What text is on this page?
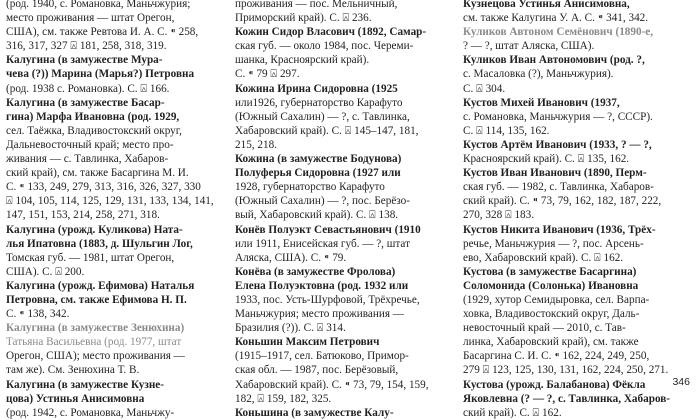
(род. 1940, с. Романовка, Маньчжурия;
место проживания — штат Орегон,
США), см. также Ревтова И. А. С. ⁌ 258,
316, 317, 327 ⍓ 181, 258, 318, 319.
Калугина (в замужестве Мура-
чева (?)) Марина (Марья?) Петровна
(род. 1938 с. Романовка). С. ⍓ 166.
Калугина (в замужестве Басар-
гина) Марфа Ивановна (род. 1929,
сел. Таёжка, Владивостокский округ,
Дальневосточный край; место про-
живания — с. Тавлинка, Хабаров-
ский край), см. также Басаргина М. И.
С. ⁌ 133, 249, 279, 313, 316, 326, 327, 330
⍓ 104, 105, 114, 125, 129, 131, 133, 134, 141,
147, 151, 153, 214, 258, 271, 318.
Калугина (урожд. Куликова) Ната-
лья Ипатовна (1883, д. Шульгин Лог,
Томская губ. — 1981, штат Орегон,
США). С. ⍓ 200.
Калугина (урожд. Ефимова) Наталья
Петровна, см. также Ефимова Н. П.
С. ⁌ 138, 342.
Калугина (в замужестве Зенюхина)
Татьяна Васильевна (род. 1977, штат
Орегон, США); место проживания —
там же). См. Зенюхина Т. В.
Калугина (в замужестве Кузне-
цова) Устинья Анисимовна
(род. 1942, с. Романовка, Маньчжу-
проживания — пос. Мельничный,
Приморский край). С. ⍓ 236.
Кожин Сидор Власович (1892, Самар-
ская губ. — около 1984, пос. Череми-
шанка, Красноярский край).
С. ⁌ 79 ⍓ 297.
Кожина Ирина Сидоровна (1925
или1926, губернаторство Карафуто
(Южный Сахалин) — ?, с. Тавлинка,
Хабаровский край). С. ⍓ 145–147, 181,
215, 218.
Кожина (в замужестве Бодунова)
Полуферья Сидоровна (1927 или
1928, губернаторство Карафуто
(Южный Сахалин) — ?, пос. Берёзо-
вый, Хабаровский край). С. ⍓ 138.
Конёв Полуэкт Севастьянович (1910
или 1911, Енисейская губ. — ?, штат
Аляска, США). С. ⁌ 79.
Конёва (в замужестве Фролова)
Елена Полуэктовна (род. 1932 или
1933, пос. Усть-Шурфовой, Трёхречье,
Маньчжурия; место проживания —
Бразилия (?)). С. ⍓ 314.
Коньшин Максим Петрович
(1915–1917, сел. Батюково, Примор-
ская обл. — 1987, пос. Берёзовый,
Хабаровский край). С. ⁌ 73, 79, 154, 159,
182, ⍓ 159, 182, 325.
Коньшина (в замужестве Калу-
Кузнецова Устинья Анисимовна,
см. также Калугина У. А. С. ⁌ 341, 342.
Куликов Автоном Семёнович (1890-е,
? — ?, штат Аляска, США).
Куликов Иван Автономович (род. ?,
с. Масаловка (?), Маньчжурия).
С. ⍓ 304.
Кустов Михей Иванович (1937,
с. Романовка, Маньчжурия — ?, СССР).
С. ⍓ 114, 135, 162.
Кустов Артём Иванович (1933, ? — ?,
Красноярский край). С. ⍓ 135, 162.
Кустов Иван Иванович (1890, Перм-
ская губ. — 1982, с. Тавлинка, Хабаров-
ский край). С. ⁌ 73, 79, 162, 182, 187, 222,
270, 328 ⍓ 183.
Кустов Никита Иванович (1936, Трёх-
речье, Маньчжурия — ?, пос. Арсень-
ево, Хабаровский край). С. ⍓ 162.
Кустова (в замужестве Басаргина)
Соломонида (Солонька) Ивановна
(1929, хутор Семидыровка, сел. Варпа-
ховка, Владивостокский округ, Даль-
невосточный край — 2010, с. Тав-
линка, Хабаровский край), см. также
Басаргина С. И. С. ⁌ 162, 224, 249, 250,
279 ⍓ 123, 125, 130, 131, 162, 224, 250, 271.
Кустова (урожд. Балабанова) Фёкла
Яковлевна (? — ?, с. Тавлинка, Хабаров-
ский край). С. ⍓ 162.
346
